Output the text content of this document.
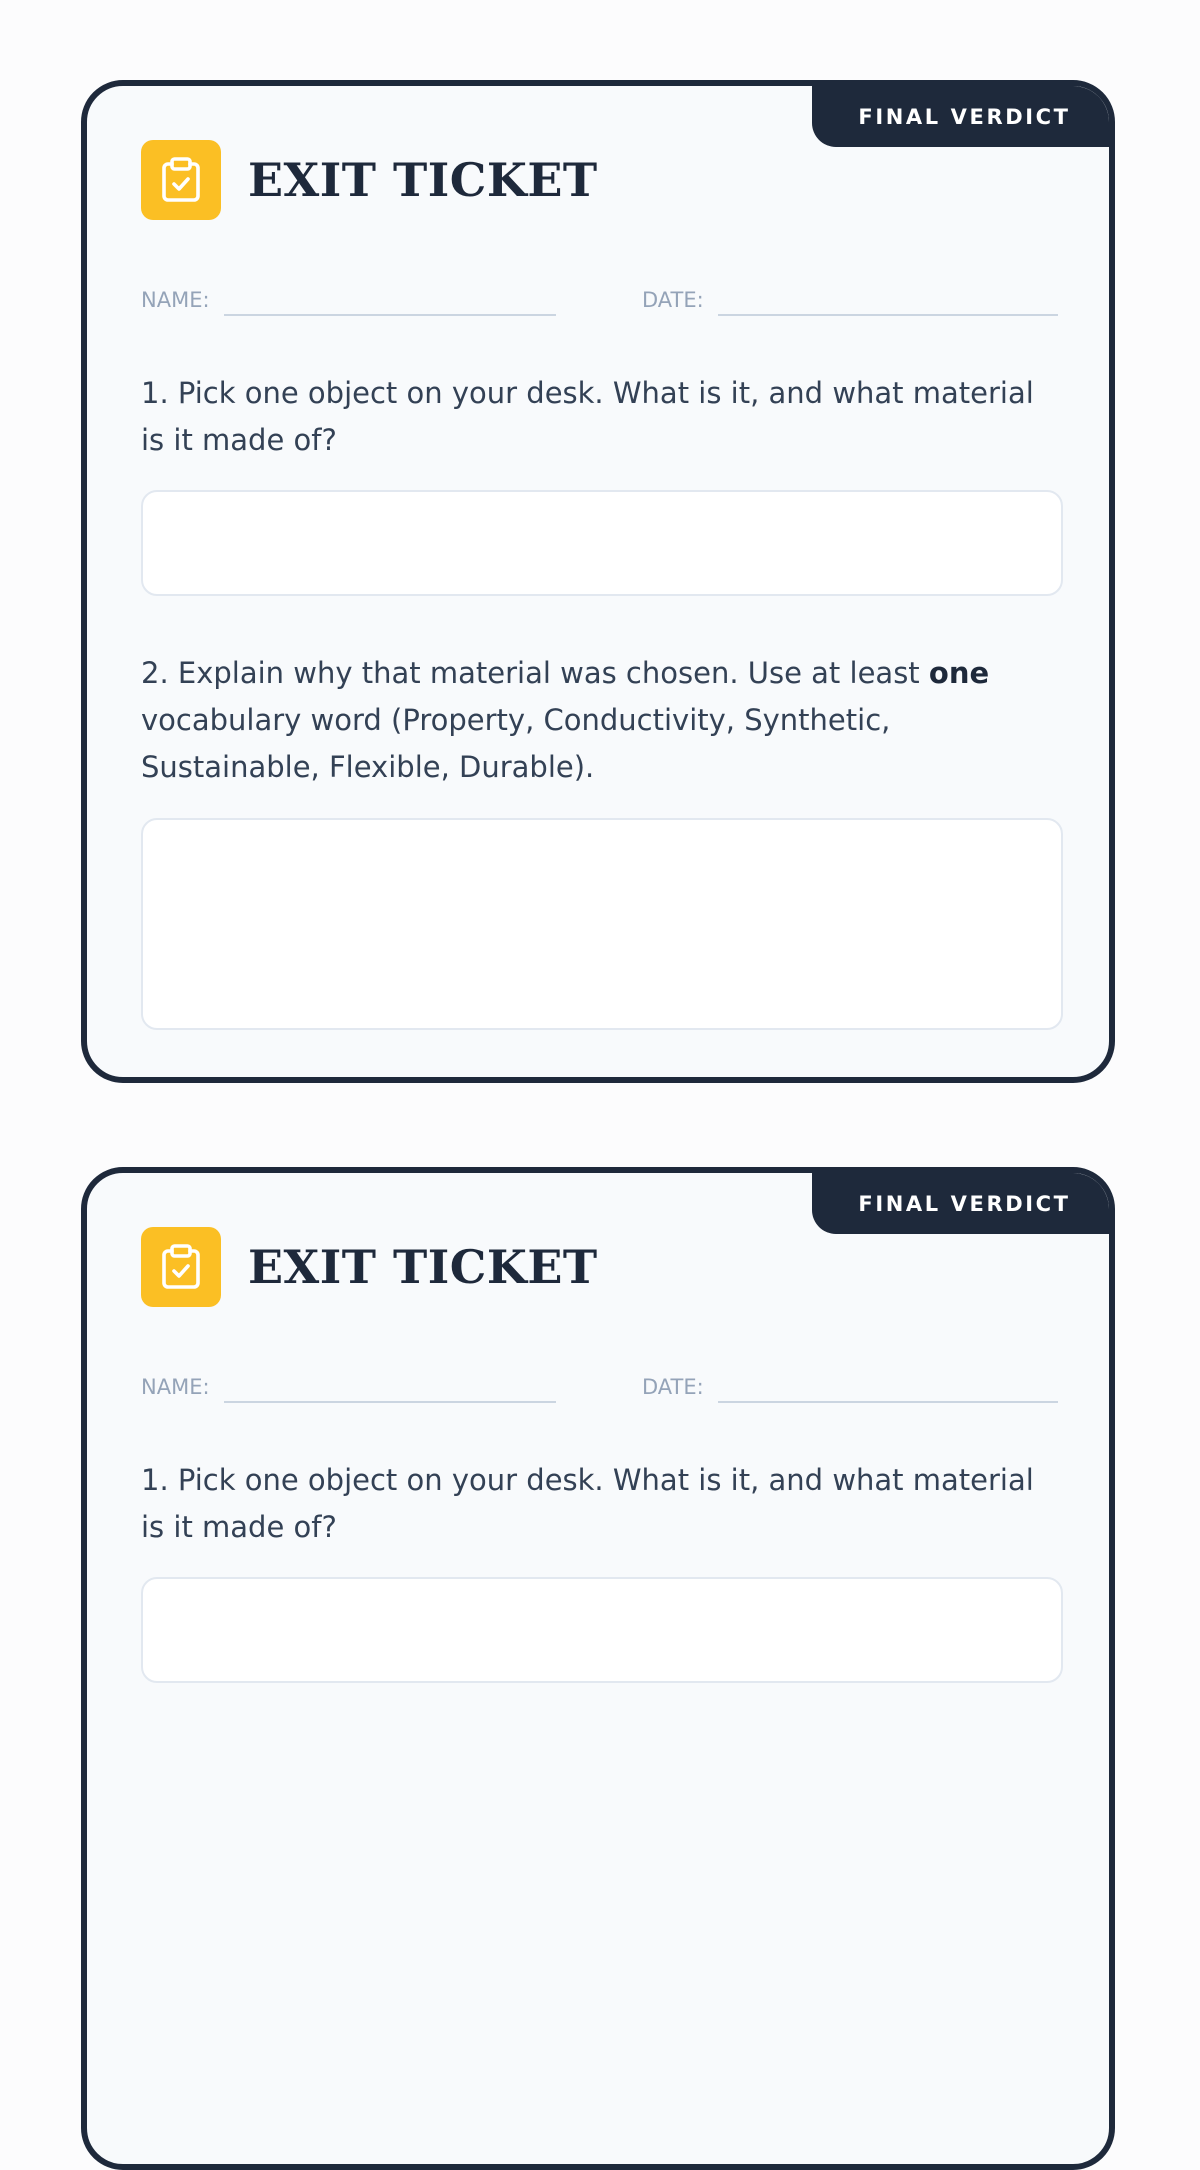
FINAL VERDICT
EXIT TICKET
NAME:	DATE:

1. Pick one object on your desk. What is it, and what material is it made of?

2. Explain why that material was chosen. Use at least one vocabulary word (Property, Conductivity, Synthetic, Sustainable, Flexible, Durable).

FINAL VERDICT
EXIT TICKET
NAME:	DATE:

1. Pick one object on your desk. What is it, and what material is it made of?
